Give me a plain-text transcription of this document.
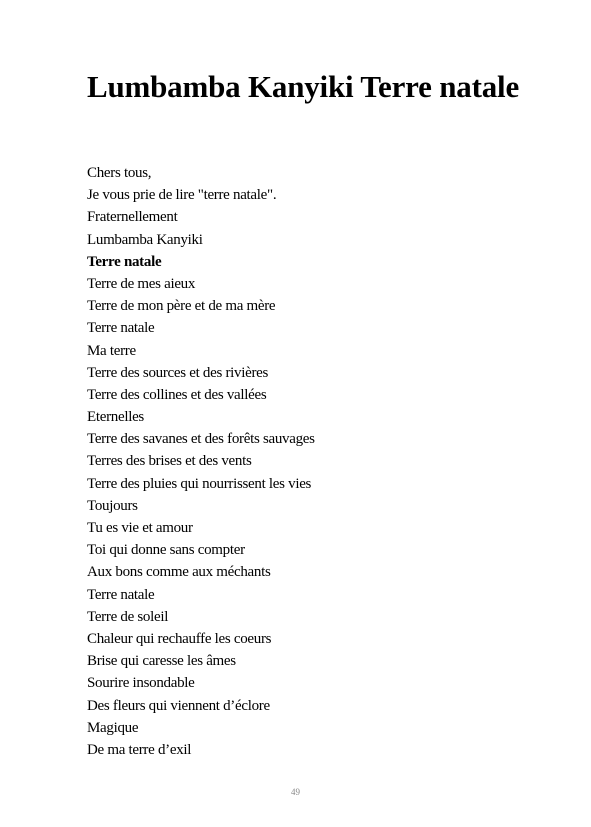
Lumbamba Kanyiki Terre natale
Chers tous,
Je vous prie de lire "terre natale".
Fraternellement
Lumbamba Kanyiki
Terre natale
Terre de mes aieux
Terre de mon père et de ma mère
Terre natale
Ma terre
Terre des sources et des rivières
Terre des collines et des vallées
Eternelles
Terre des savanes et des forêts sauvages
Terres des brises et des vents
Terre des pluies qui nourrissent les vies
Toujours
Tu es vie et amour
Toi qui donne sans compter
Aux bons comme aux méchants
Terre natale
Terre de soleil
Chaleur qui rechauffe les coeurs
Brise qui caresse les âmes
Sourire insondable
Des fleurs qui viennent d’éclore
Magique
De ma terre d’exil
49
